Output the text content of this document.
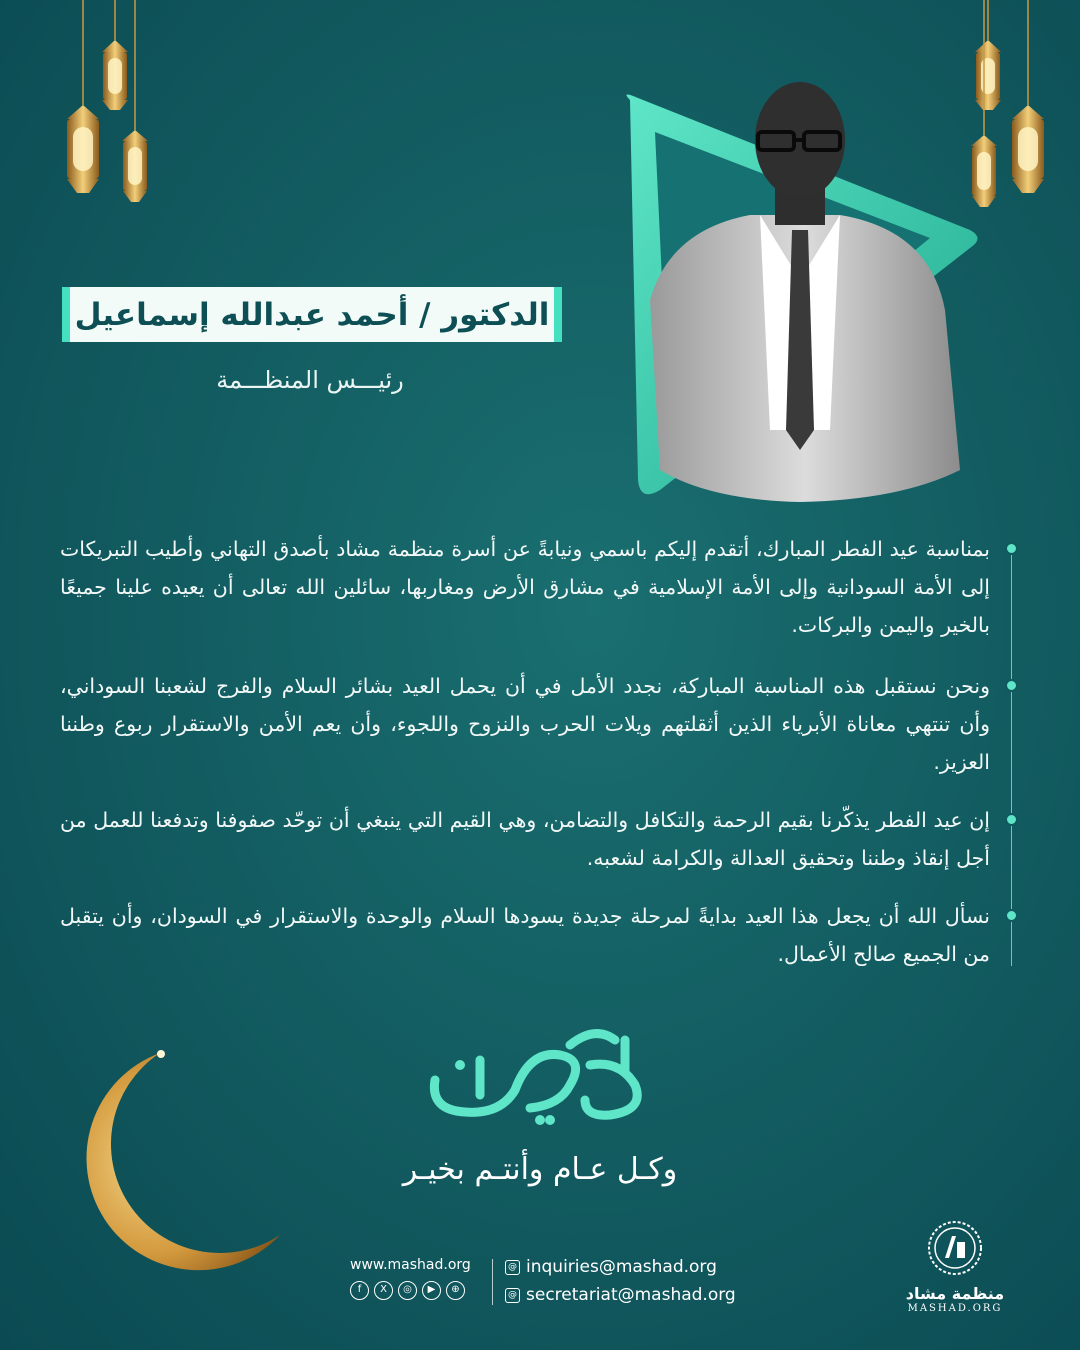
الدكتور / أحمد عبدالله إسماعيل
رئيـــس المنظـــمة
بمناسبة عيد الفطر المبارك، أتقدم إليكم باسمي ونيابةً عن أسرة منظمة مشاد بأصدق التهاني وأطيب التبريكات إلى الأمة السودانية وإلى الأمة الإسلامية في مشارق الأرض ومغاربها، سائلين الله تعالى أن يعيده علينا جميعًا بالخير واليمن والبركات.
ونحن نستقبل هذه المناسبة المباركة، نجدد الأمل في أن يحمل العيد بشائر السلام والفرج لشعبنا السوداني، وأن تنتهي معاناة الأبرياء الذين أثقلتهم ويلات الحرب والنزوح واللجوء، وأن يعم الأمن والاستقرار ربوع وطننا العزيز.
إن عيد الفطر يذكّرنا بقيم الرحمة والتكافل والتضامن، وهي القيم التي ينبغي أن توحّد صفوفنا وتدفعنا للعمل من أجل إنقاذ وطننا وتحقيق العدالة والكرامة لشعبه.
نسأل الله أن يجعل هذا العيد بدايةً لمرحلة جديدة يسودها السلام والوحدة والاستقرار في السودان، وأن يتقبل من الجميع صالح الأعمال.
وكـل عـام وأنتـم بخيـر
www.mashad.org
f	X	◎	▶	⊕
@ inquiries@mashad.org
@ secretariat@mashad.org	منظمة مشاد
MASHAD.ORG
